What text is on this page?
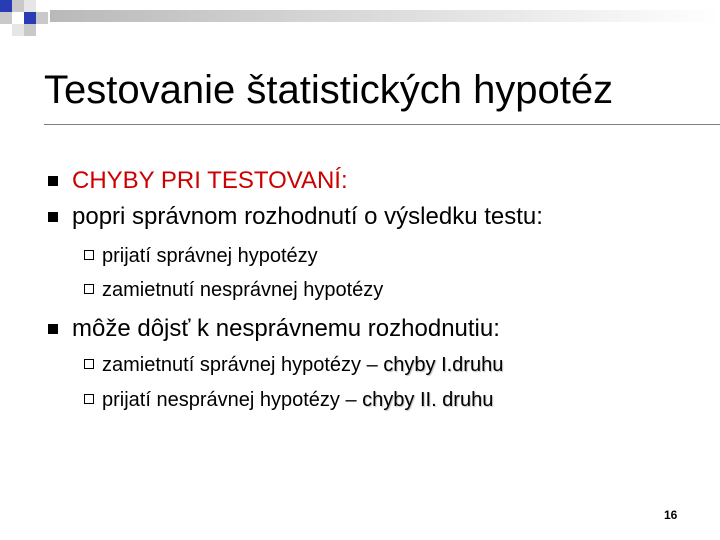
Testovanie štatistických hypotéz
CHYBY PRI TESTOVANÍ:
popri správnom rozhodnutí o výsledku testu:
prijatí správnej hypotézy
zamietnutí nesprávnej hypotézy
môže dôjsť k nesprávnemu rozhodnutiu:
zamietnutí správnej hypotézy – chyby I.druhu
prijatí nesprávnej hypotézy – chyby II. druhu
16
